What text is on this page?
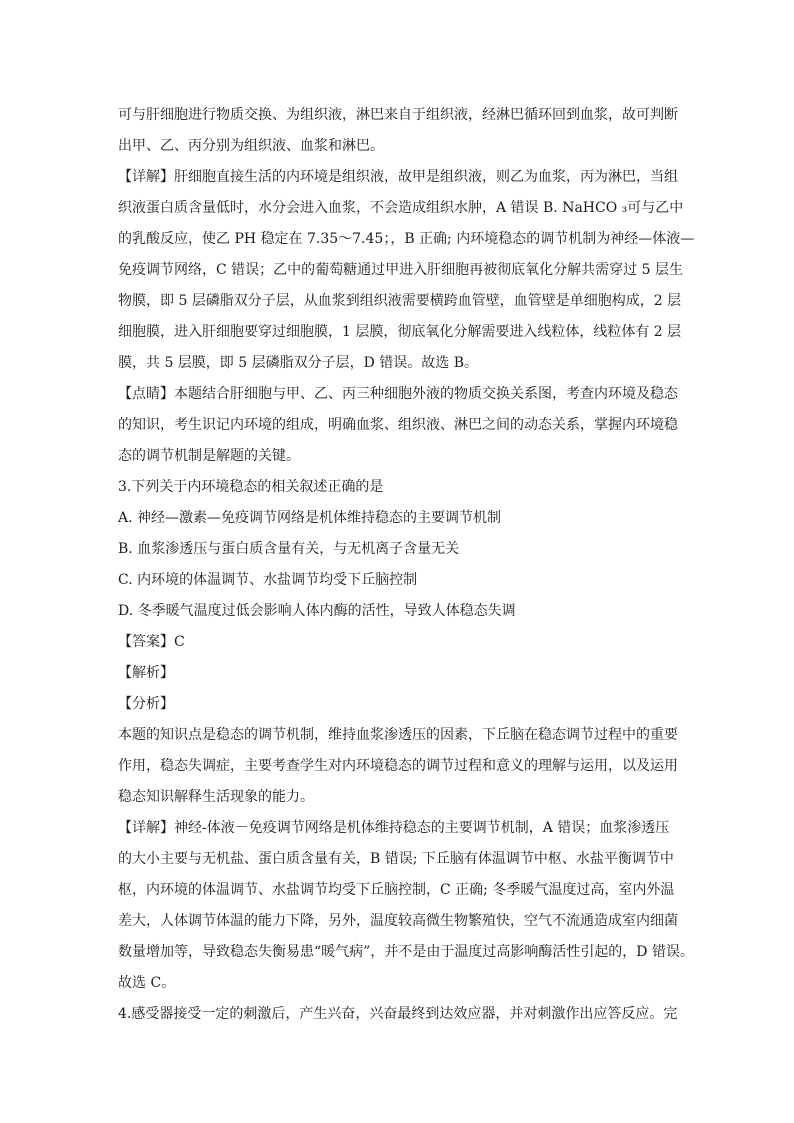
可与肝细胞进行物质交换、为组织液，淋巴来自于组织液，经淋巴循环回到血浆，故可判断
出甲、乙、丙分别为组织液、血浆和淋巴。
【详解】肝细胞直接生活的内环境是组织液，故甲是组织液，则乙为血浆，丙为淋巴，当组
织液蛋白质含量低时，水分会进入血浆，不会造成组织水肿，A 错误 B. NaHCO ₃可与乙中
的乳酸反应，使乙 PH 稳定在 7.35～7.45；，B 正确; 内环境稳态的调节机制为神经—体液—
免疫调节网络，C 错误；乙中的葡萄糖通过甲进入肝细胞再被彻底氧化分解共需穿过 5 层生
物膜，即 5 层磷脂双分子层，从血浆到组织液需要横跨血管壁，血管壁是单细胞构成，2 层
细胞膜，进入肝细胞要穿过细胞膜，1 层膜，彻底氧化分解需要进入线粒体，线粒体有 2 层
膜，共 5 层膜，即 5 层磷脂双分子层，D 错误。故选 B。
【点睛】本题结合肝细胞与甲、乙、丙三种细胞外液的物质交换关系图，考查内环境及稳态
的知识，考生识记内环境的组成，明确血浆、组织液、淋巴之间的动态关系，掌握内环境稳
态的调节机制是解题的关键。
3.下列关于内环境稳态的相关叙述正确的是
A. 神经—激素—免疫调节网络是机体维持稳态的主要调节机制
B. 血浆渗透压与蛋白质含量有关，与无机离子含量无关
C. 内环境的体温调节、水盐调节均受下丘脑控制
D. 冬季暖气温度过低会影响人体内酶的活性，导致人体稳态失调
【答案】C
【解析】
【分析】
本题的知识点是稳态的调节机制，维持血浆渗透压的因素，下丘脑在稳态调节过程中的重要
作用，稳态失调症，主要考查学生对内环境稳态的调节过程和意义的理解与运用，以及运用
稳态知识解释生活现象的能力。
【详解】神经-体液－免疫调节网络是机体维持稳态的主要调节机制，A 错误；血浆渗透压
的大小主要与无机盐、蛋白质含量有关，B 错误; 下丘脑有体温调节中枢、水盐平衡调节中
枢，内环境的体温调节、水盐调节均受下丘脑控制，C 正确; 冬季暖气温度过高，室内外温
差大，人体调节体温的能力下降，另外，温度较高微生物繁殖快，空气不流通造成室内细菌
数量增加等，导致稳态失衡易患“暖气病”，并不是由于温度过高影响酶活性引起的，D 错误。
故选 C。
4.感受器接受一定的刺激后，产生兴奋，兴奋最终到达效应器，并对刺激作出应答反应。完
